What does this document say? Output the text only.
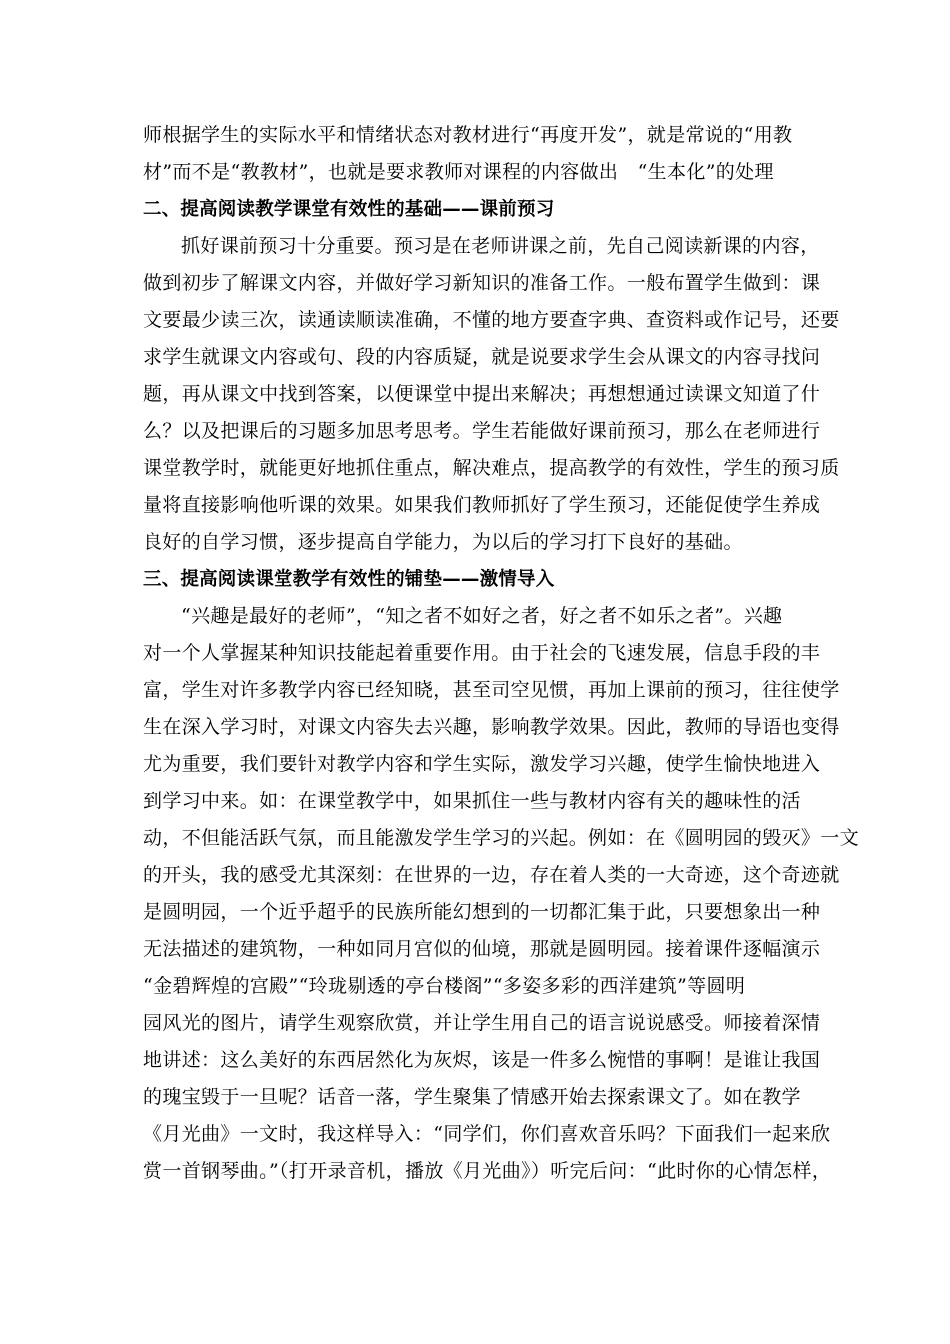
师根据学生的实际水平和情绪状态对教材进行“再度开发”，就是常说的“用教
材”而不是“教教材”，也就是要求教师对课程的内容做出　“生本化”的处理
二、提高阅读教学课堂有效性的基础——课前预习
抓好课前预习十分重要。预习是在老师讲课之前，先自己阅读新课的内容，
做到初步了解课文内容，并做好学习新知识的准备工作。一般布置学生做到：课
文要最少读三次，读通读顺读准确，不懂的地方要查字典、查资料或作记号，还要
求学生就课文内容或句、段的内容质疑，就是说要求学生会从课文的内容寻找问
题，再从课文中找到答案，以便课堂中提出来解决；再想想通过读课文知道了什
么？以及把课后的习题多加思考思考。学生若能做好课前预习，那么在老师进行
课堂教学时，就能更好地抓住重点，解决难点，提高教学的有效性，学生的预习质
量将直接影响他听课的效果。如果我们教师抓好了学生预习，还能促使学生养成
良好的自学习惯，逐步提高自学能力，为以后的学习打下良好的基础。
三、提高阅读课堂教学有效性的铺垫——激情导入
“兴趣是最好的老师”，“知之者不如好之者，好之者不如乐之者”。兴趣
对一个人掌握某种知识技能起着重要作用。由于社会的飞速发展，信息手段的丰
富，学生对许多教学内容已经知晓，甚至司空见惯，再加上课前的预习，往往使学
生在深入学习时，对课文内容失去兴趣，影响教学效果。因此，教师的导语也变得
尤为重要，我们要针对教学内容和学生实际，激发学习兴趣，使学生愉快地进入
到学习中来。如：在课堂教学中，如果抓住一些与教材内容有关的趣味性的活
动，不但能活跃气氛，而且能激发学生学习的兴起。例如：在《圆明园的毁灭》一文
的开头，我的感受尤其深刻：在世界的一边，存在着人类的一大奇迹，这个奇迹就
是圆明园，一个近乎超乎的民族所能幻想到的一切都汇集于此，只要想象出一种
无法描述的建筑物，一种如同月宫似的仙境，那就是圆明园。接着课件逐幅演示
“金碧辉煌的宫殿”“玲珑剔透的亭台楼阁”“多姿多彩的西洋建筑”等圆明
园风光的图片，请学生观察欣赏，并让学生用自己的语言说说感受。师接着深情
地讲述：这么美好的东西居然化为灰烬，该是一件多么惋惜的事啊！是谁让我国
的瑰宝毁于一旦呢？话音一落，学生聚集了情感开始去探索课文了。如在教学
《月光曲》一文时，我这样导入：“同学们，你们喜欢音乐吗？下面我们一起来欣
赏一首钢琴曲。”（打开录音机，播放《月光曲》）听完后问：“此时你的心情怎样，
